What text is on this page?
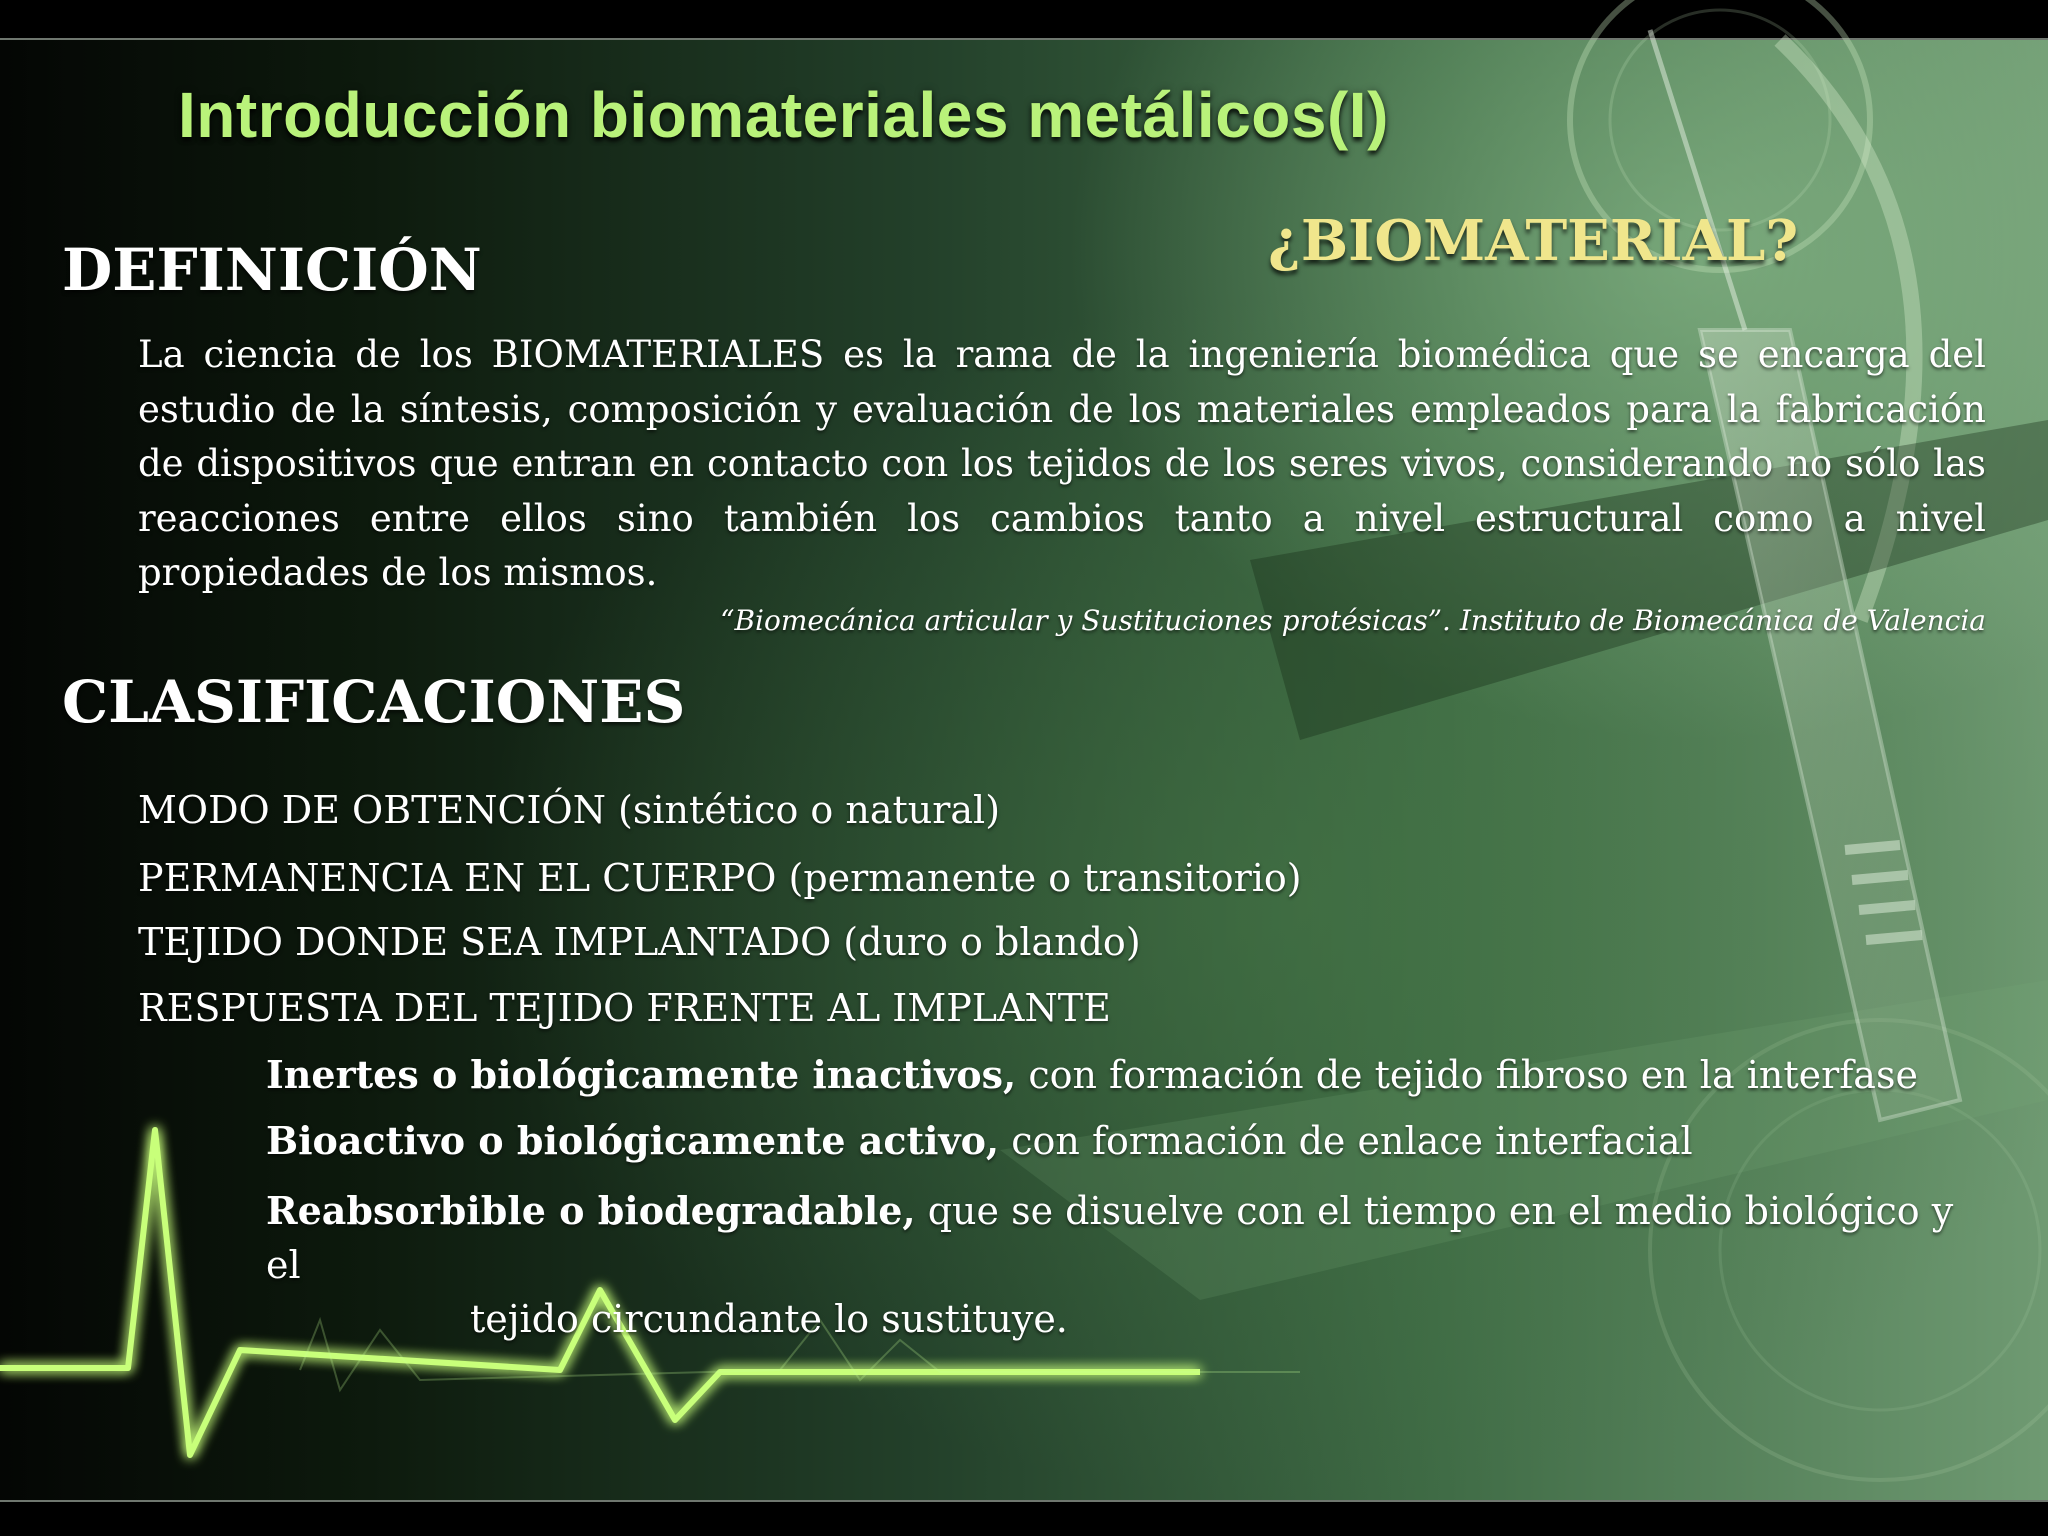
Introducción biomateriales metálicos(I)
¿BIOMATERIAL?
DEFINICIÓN
La ciencia de los BIOMATERIALES es la rama de la ingeniería biomédica que se encarga del estudio de la síntesis, composición y evaluación de los materiales empleados para la fabricación de dispositivos que entran en contacto con los tejidos de los seres vivos, considerando no sólo las reacciones entre ellos sino también los cambios tanto a nivel estructural como a nivel propiedades de los mismos.
“Biomecánica articular y Sustituciones protésicas”. Instituto de Biomecánica de Valencia
CLASIFICACIONES
MODO DE OBTENCIÓN (sintético o natural)
PERMANENCIA EN EL CUERPO (permanente o transitorio)
TEJIDO DONDE SEA IMPLANTADO (duro o blando)
RESPUESTA DEL TEJIDO FRENTE AL IMPLANTE
Inertes o biológicamente inactivos, con formación de tejido fibroso en la interfase
Bioactivo o biológicamente activo, con formación de enlace interfacial
Reabsorbible o biodegradable, que se disuelve con el tiempo en el medio biológico y el
tejido circundante lo sustituye.
